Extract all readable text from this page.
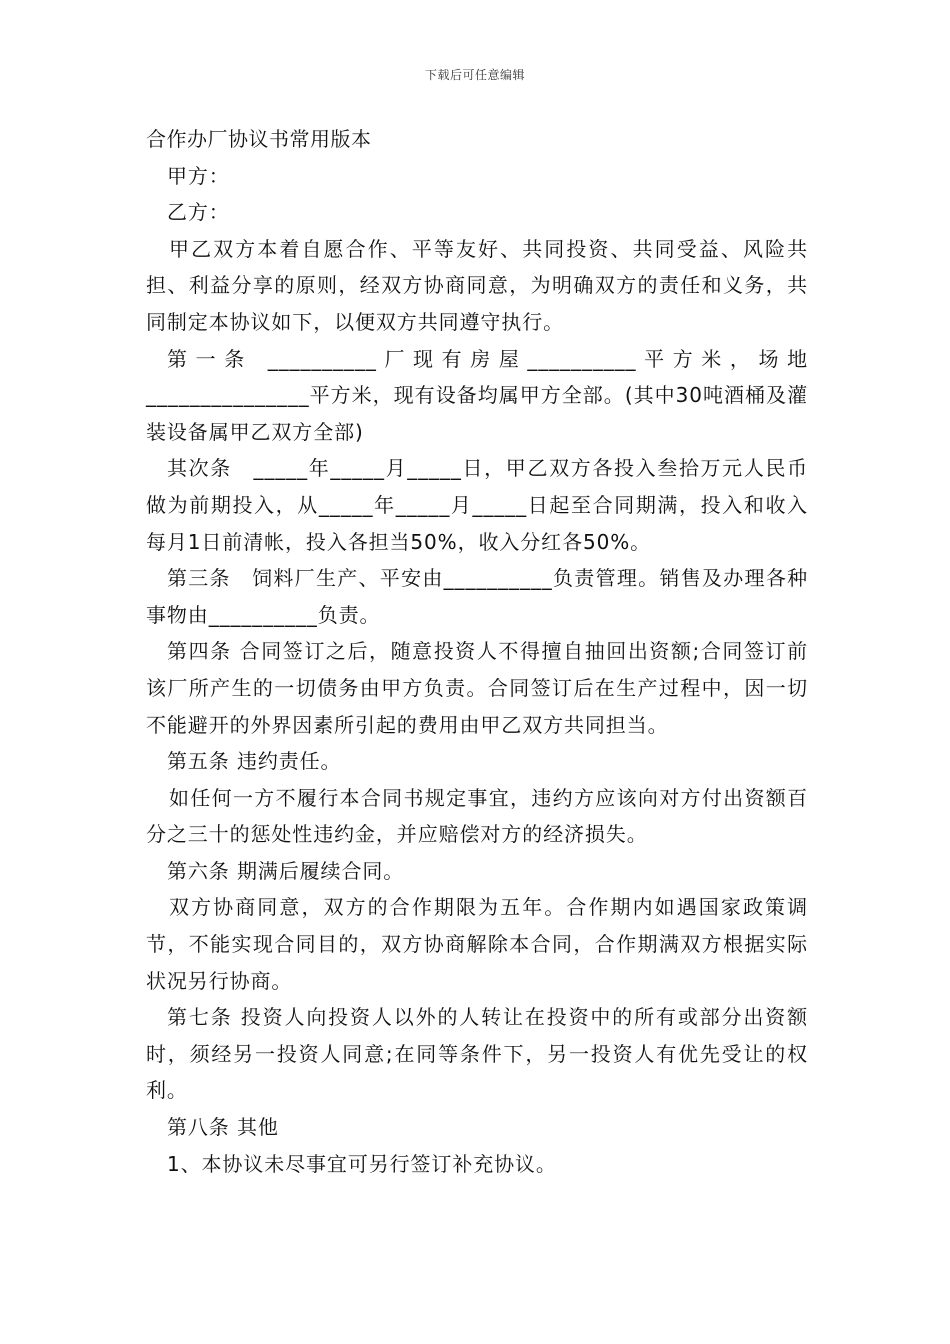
下载后可任意编辑

合作办厂协议书常用版本

甲方：

乙方：

甲乙双方本着自愿合作、平等友好、共同投资、共同受益、风险共担、利益分享的原则，经双方协商同意，为明确双方的责任和义务，共同制定本协议如下，以便双方共同遵守执行。

第一条 __________厂现有房屋__________平方米，场地_______________平方米，现有设备均属甲方全部。(其中30吨酒桶及灌装设备属甲乙双方全部)

其次条　_____年_____月_____日，甲乙双方各投入叁拾万元人民币做为前期投入，从_____年_____月_____日起至合同期满，投入和收入每月1日前清帐，投入各担当50%，收入分红各50%。

第三条　饲料厂生产、平安由__________负责管理。销售及办理各种事物由__________负责。

第四条 合同签订之后，随意投资人不得擅自抽回出资额;合同签订前该厂所产生的一切债务由甲方负责。合同签订后在生产过程中，因一切不能避开的外界因素所引起的费用由甲乙双方共同担当。

第五条 违约责任。

如任何一方不履行本合同书规定事宜，违约方应该向对方付出资额百分之三十的惩处性违约金，并应赔偿对方的经济损失。

第六条 期满后履续合同。

双方协商同意，双方的合作期限为五年。合作期内如遇国家政策调节，不能实现合同目的，双方协商解除本合同，合作期满双方根据实际状况另行协商。

第七条 投资人向投资人以外的人转让在投资中的所有或部分出资额时，须经另一投资人同意;在同等条件下，另一投资人有优先受让的权利。

第八条 其他

1、本协议未尽事宜可另行签订补充协议。
